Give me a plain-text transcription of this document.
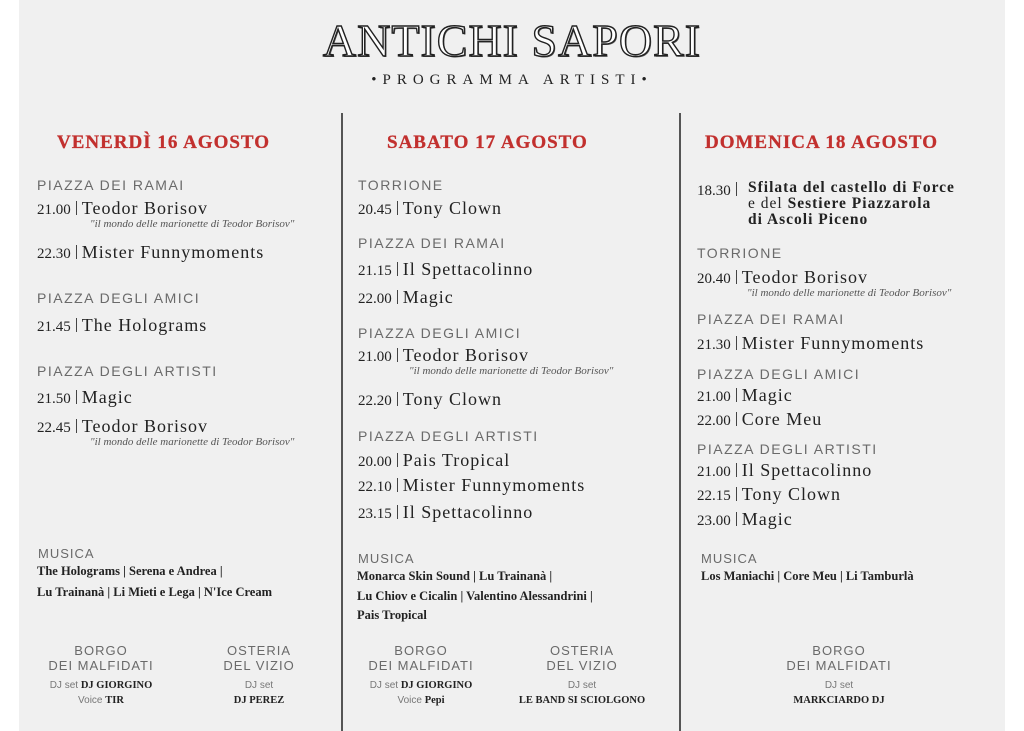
ANTICHI SAPORI
•PROGRAMMA ARTISTI•
VENERDÌ 16 AGOSTO
PIAZZA DEI RAMAI
21.00 Teodor Borisov
"il mondo delle marionette di Teodor Borisov"
22.30 Mister Funnymoments
PIAZZA DEGLI AMICI
21.45 The Holograms
PIAZZA DEGLI ARTISTI
21.50 Magic
22.45 Teodor Borisov
"il mondo delle marionette di Teodor Borisov"
MUSICA
The Holograms | Serena e Andrea |
Lu Trainanà | Li Mieti e Lega | N'Ice Cream
BORGO
DEI MALFIDATI
DJ set DJ GIORGINO
Voice TIR
OSTERIA
DEL VIZIO
DJ set
DJ PEREZ
SABATO 17 AGOSTO
TORRIONE
20.45 Tony Clown
PIAZZA DEI RAMAI
21.15 Il Spettacolinno
22.00 Magic
PIAZZA DEGLI AMICI
21.00 Teodor Borisov
"il mondo delle marionette di Teodor Borisov"
22.20 Tony Clown
PIAZZA DEGLI ARTISTI
20.00 Pais Tropical
22.10 Mister Funnymoments
23.15 Il Spettacolinno
MUSICA
Monarca Skin Sound | Lu Trainanà |
Lu Chiov e Cicalin | Valentino Alessandrini |
Pais Tropical
BORGO
DEI MALFIDATI
DJ set DJ GIORGINO
Voice Pepi
OSTERIA
DEL VIZIO
DJ set
LE BAND SI SCIOLGONO
DOMENICA 18 AGOSTO
18.30	Sfilata del castello di Force
e del Sestiere Piazzarola
di Ascoli Piceno
TORRIONE
20.40 Teodor Borisov
"il mondo delle marionette di Teodor Borisov"
PIAZZA DEI RAMAI
21.30 Mister Funnymoments
PIAZZA DEGLI AMICI
21.00 Magic
22.00 Core Meu
PIAZZA DEGLI ARTISTI
21.00 Il Spettacolinno
22.15 Tony Clown
23.00 Magic
MUSICA
Los Maniachi | Core Meu | Li Tamburlà
BORGO
DEI MALFIDATI
DJ set
MARKCIARDO DJ
